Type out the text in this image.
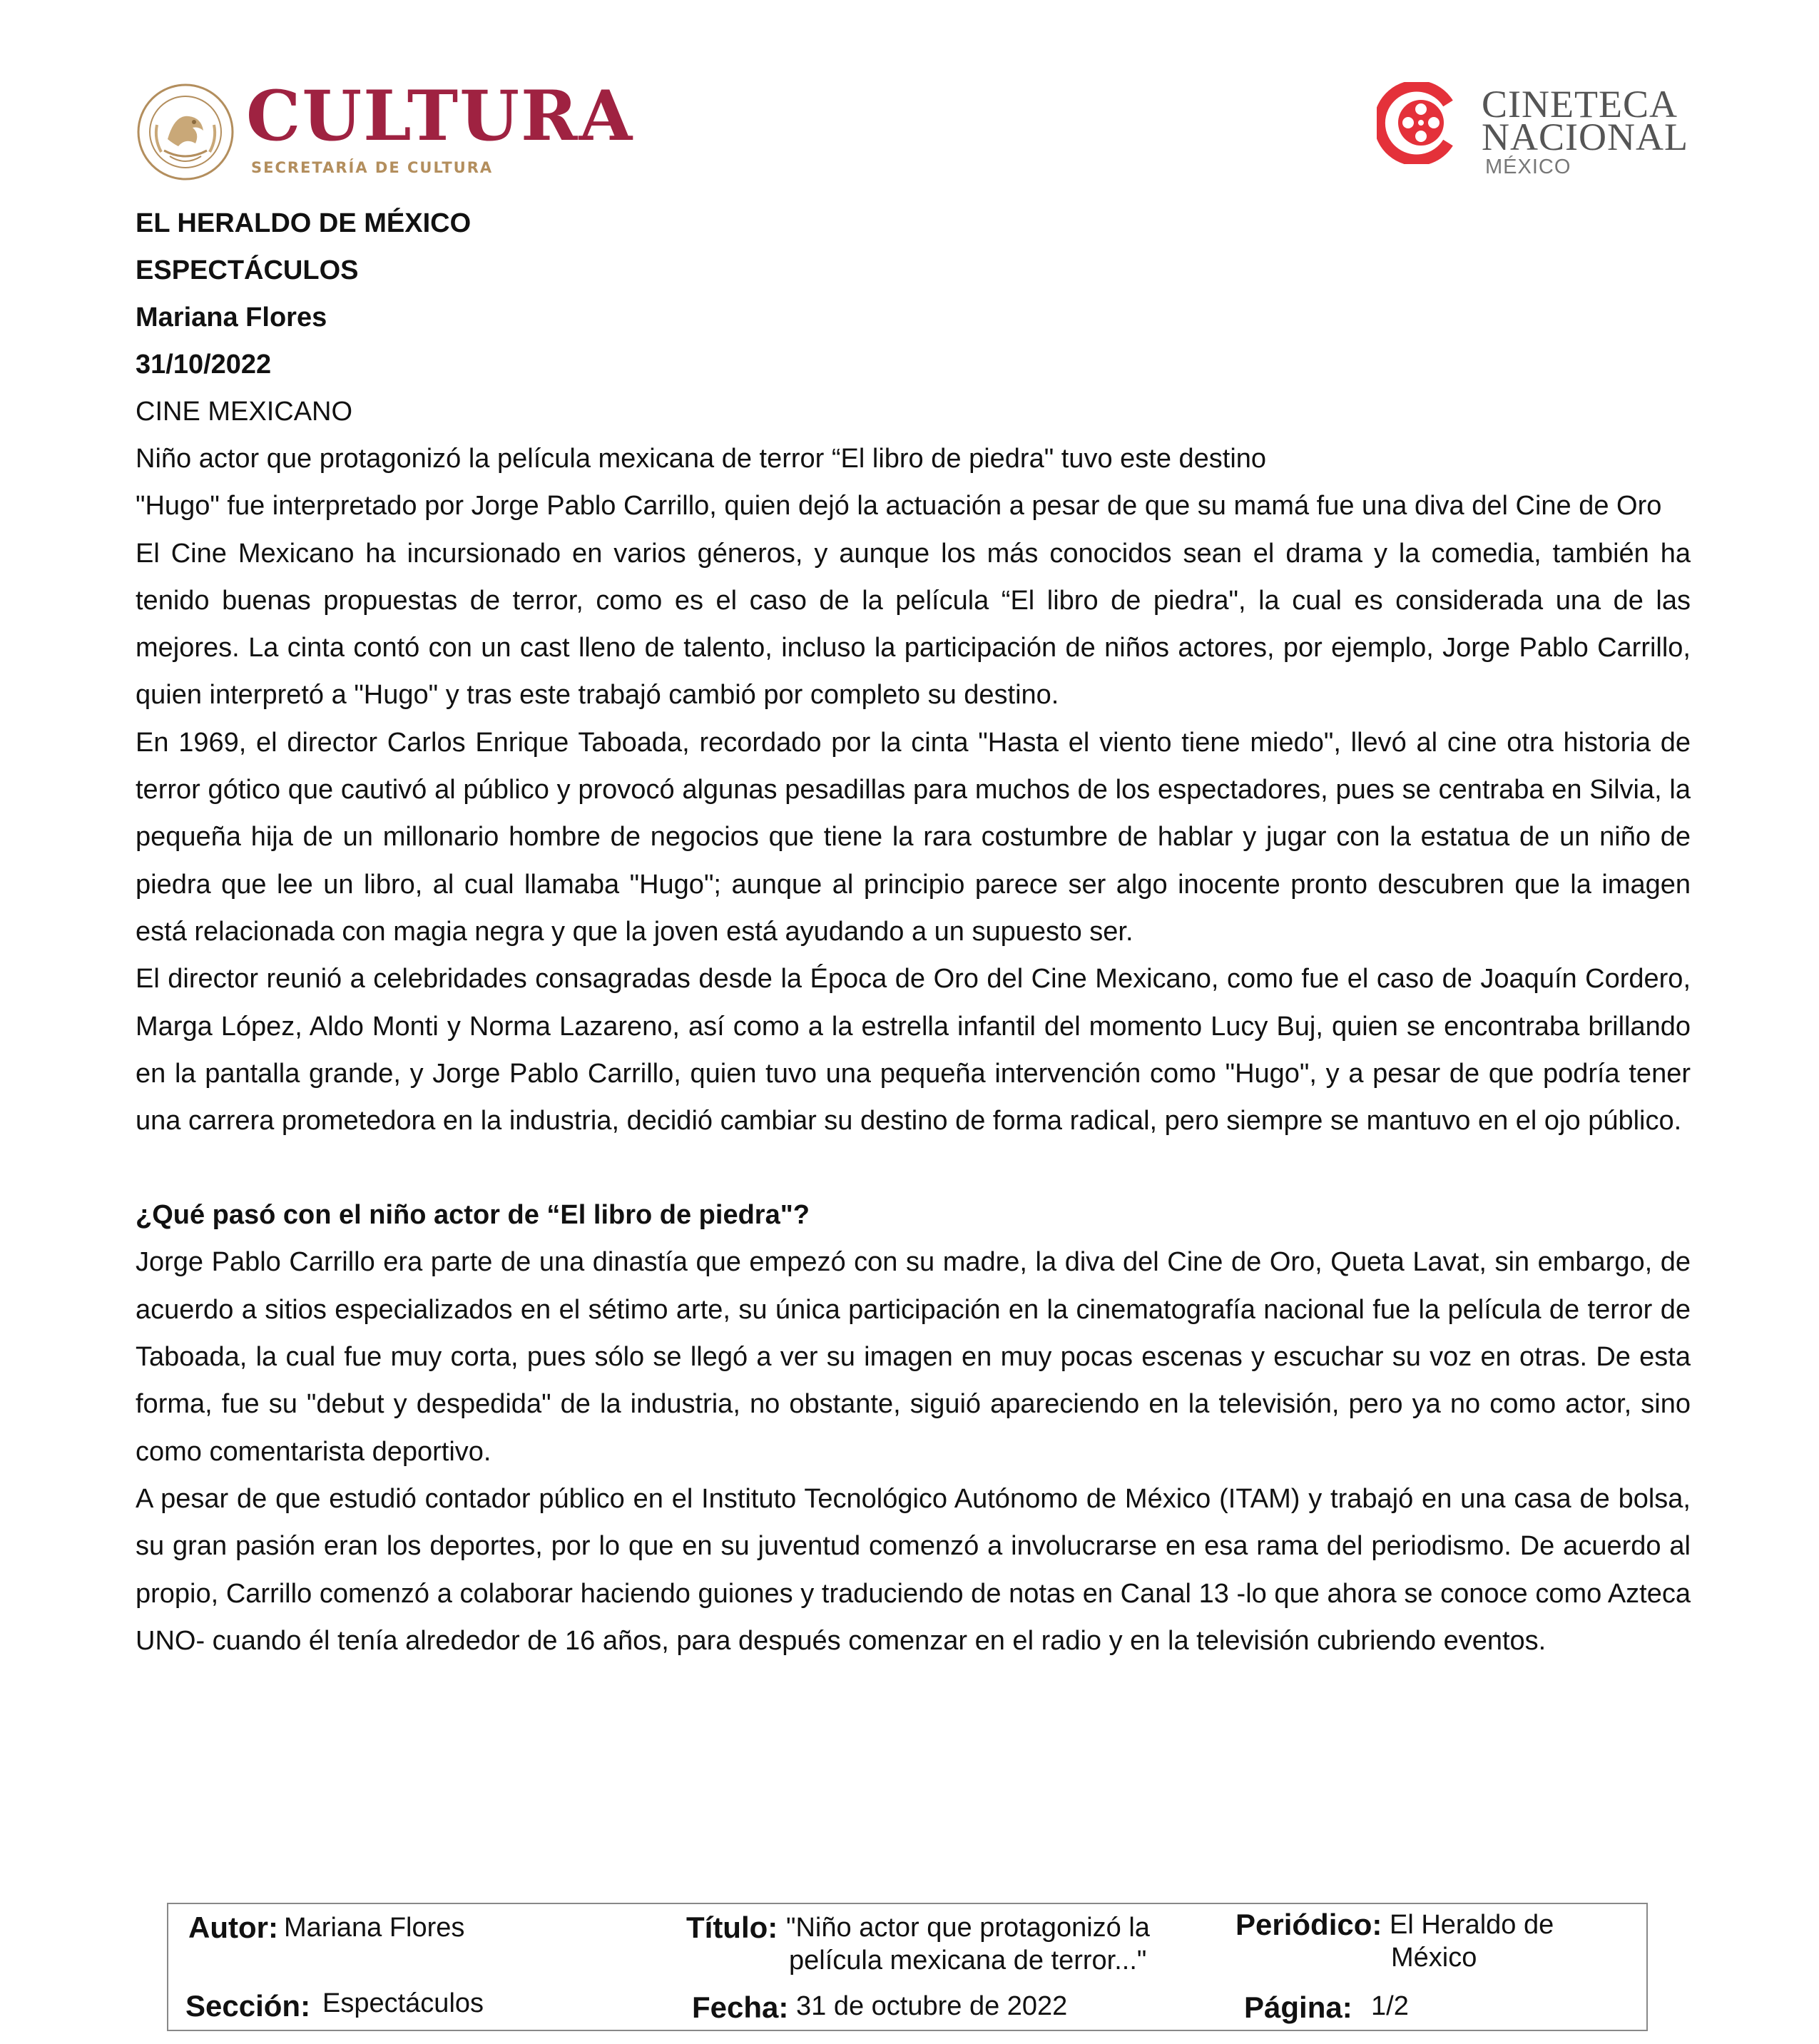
CULTURA
SECRETARÍA DE CULTURA
CINETECA
NACIONAL
MÉXICO
EL HERALDO DE MÉXICO
ESPECTÁCULOS
Mariana Flores
31/10/2022
CINE MEXICANO

Niño actor que protagonizó la película mexicana de terror “El libro de piedra" tuvo este destino

"Hugo" fue interpretado por Jorge Pablo Carrillo, quien dejó la actuación a pesar de que su mamá fue una diva del Cine de Oro

El Cine Mexicano ha incursionado en varios géneros, y aunque los más conocidos sean el drama y la comedia, también ha tenido buenas propuestas de terror, como es el caso de la película “El libro de piedra", la cual es considerada una de las mejores. La cinta contó con un cast lleno de talento, incluso la participación de niños actores, por ejemplo, Jorge Pablo Carrillo, quien interpretó a "Hugo" y tras este trabajó cambió por completo su destino.

En 1969, el director Carlos Enrique Taboada, recordado por la cinta "Hasta el viento tiene miedo", llevó al cine otra historia de terror gótico que cautivó al público y provocó algunas pesadillas para muchos de los espectadores, pues se centraba en Silvia, la pequeña hija de un millonario hombre de negocios que tiene la rara costumbre de hablar y jugar con la estatua de un niño de piedra que lee un libro, al cual llamaba "Hugo"; aunque al principio parece ser algo inocente pronto descubren que la imagen está relacionada con magia negra y que la joven está ayudando a un supuesto ser.

El director reunió a celebridades consagradas desde la Época de Oro del Cine Mexicano, como fue el caso de Joaquín Cordero, Marga López, Aldo Monti y Norma Lazareno, así como a la estrella infantil del momento Lucy Buj, quien se encontraba brillando en la pantalla grande, y Jorge Pablo Carrillo, quien tuvo una pequeña intervención como "Hugo", y a pesar de que podría tener una carrera prometedora en la industria, decidió cambiar su destino de forma radical, pero siempre se mantuvo en el ojo público.

¿Qué pasó con el niño actor de “El libro de piedra"?

Jorge Pablo Carrillo era parte de una dinastía que empezó con su madre, la diva del Cine de Oro, Queta Lavat, sin embargo, de acuerdo a sitios especializados en el sétimo arte, su única participación en la cinematografía nacional fue la película de terror de Taboada, la cual fue muy corta, pues sólo se llegó a ver su imagen en muy pocas escenas y escuchar su voz en otras. De esta forma, fue su "debut y despedida" de la industria, no obstante, siguió apareciendo en la televisión, pero ya no como actor, sino como comentarista deportivo.

A pesar de que estudió contador público en el Instituto Tecnológico Autónomo de México (ITAM) y trabajó en una casa de bolsa, su gran pasión eran los deportes, por lo que en su juventud comenzó a involucrarse en esa rama del periodismo. De acuerdo al propio, Carrillo comenzó a colaborar haciendo guiones y traduciendo de notas en Canal 13 -lo que ahora se conoce como Azteca UNO- cuando él tenía alrededor de 16 años, para después comenzar en el radio y en la televisión cubriendo eventos.

Autor: Mariana Flores	Título: "Niño actor que protagonizó la
película mexicana de terror..."
Periódico: El Heraldo de
México
Sección: Espectáculos	Fecha: 31 de octubre de 2022	Página: 1/2
